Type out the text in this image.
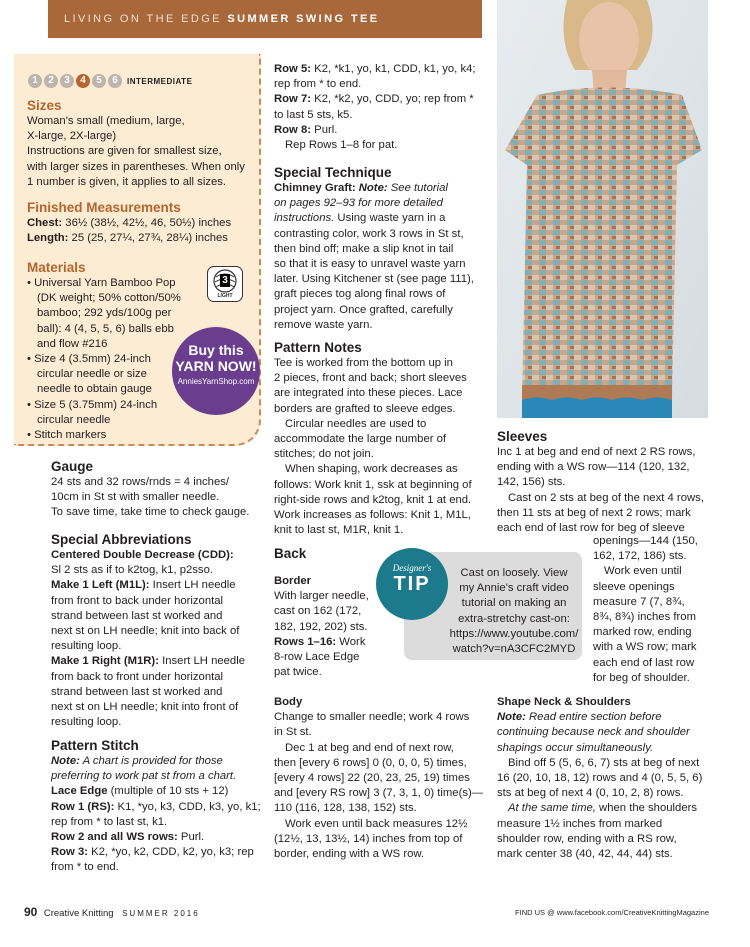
LIVING ON THE EDGE SUMMER SWING TEE
1	2	3	4	5	6	INTERMEDIATE
Sizes

Woman's small (medium, large,

X-large, 2X-large)

Instructions are given for smallest size,

with larger sizes in parentheses. When only

1 number is given, it applies to all sizes.

Finished Measurements

Chest: 36½ (38½, 42½, 46, 50½) inches

Length: 25 (25, 27¼, 27¾, 28¼) inches

Materials

• Universal Yarn Bamboo Pop

(DK weight; 50% cotton/50%

bamboo; 292 yds/100g per

ball): 4 (4, 5, 5, 6) balls ebb

and flow #216

• Size 4 (3.5mm) 24-inch

circular needle or size

needle to obtain gauge

• Size 5 (3.75mm) 24-inch

circular needle

• Stitch markers

3
LIGHT
Buy this
YARN NOW!
AnniesYarnShop.com
Gauge

24 sts and 32 rows/rnds = 4 inches/

10cm in St st with smaller needle.

To save time, take time to check gauge.

Special Abbreviations

Centered Double Decrease (CDD):

Sl 2 sts as if to k2tog, k1, p2sso.

Make 1 Left (M1L): Insert LH needle

from front to back under horizontal

strand between last st worked and

next st on LH needle; knit into back of

resulting loop.

Make 1 Right (M1R): Insert LH needle

from back to front under horizontal

strand between last st worked and

next st on LH needle; knit into front of

resulting loop.

Pattern Stitch

Note: A chart is provided for those

preferring to work pat st from a chart.

Lace Edge (multiple of 10 sts + 12)

Row 1 (RS): K1, *yo, k3, CDD, k3, yo, k1;

rep from * to last st, k1.

Row 2 and all WS rows: Purl.

Row 3: K2, *yo, k2, CDD, k2, yo, k3; rep

from * to end.

Row 5: K2, *k1, yo, k1, CDD, k1, yo, k4;

rep from * to end.

Row 7: K2, *k2, yo, CDD, yo; rep from *

to last 5 sts, k5.

Row 8: Purl.

Rep Rows 1–8 for pat.

Special Technique

Chimney Graft: Note: See tutorial

on pages 92–93 for more detailed

instructions. Using waste yarn in a

contrasting color, work 3 rows in St st,

then bind off; make a slip knot in tail

so that it is easy to unravel waste yarn

later. Using Kitchener st (see page 111),

graft pieces tog along final rows of

project yarn. Once grafted, carefully

remove waste yarn.

Pattern Notes

Tee is worked from the bottom up in

2 pieces, front and back; short sleeves

are integrated into these pieces. Lace

borders are grafted to sleeve edges.

Circular needles are used to

accommodate the large number of

stitches; do not join.

When shaping, work decreases as

follows: Work knit 1, ssk at beginning of

right-side rows and k2tog, knit 1 at end.

Work increases as follows: Knit 1, M1L,

knit to last st, M1R, knit 1.

Back

Border

With larger needle,

cast on 162 (172,

182, 192, 202) sts.

Rows 1–16: Work

8-row Lace Edge

pat twice.

Cast on loosely. View

my Annie's craft video

tutorial on making an

extra-stretchy cast-on:

https://www.youtube.com/

watch?v=nA3CFC2MYD

Designer's
TIP

Body

Change to smaller needle; work 4 rows

in St st.

Dec 1 at beg and end of next row,

then [every 6 rows] 0 (0, 0, 0, 5) times,

[every 4 rows] 22 (20, 23, 25, 19) times

and [every RS row] 3 (7, 3, 1, 0) time(s)—

110 (116, 128, 138, 152) sts.

Work even until back measures 12½

(12½, 13, 13½, 14) inches from top of

border, ending with a WS row.

Sleeves

Inc 1 at beg and end of next 2 RS rows,

ending with a WS row—114 (120, 132,

142, 156) sts.

Cast on 2 sts at beg of the next 4 rows,

then 11 sts at beg of next 2 rows; mark

each end of last row for beg of sleeve

openings—144 (150,

162, 172, 186) sts.

Work even until

sleeve openings

measure 7 (7, 8¾,

8¾, 8¾) inches from

marked row, ending

with a WS row; mark

each end of last row

for beg of shoulder.

Shape Neck & Shoulders

Note: Read entire section before

continuing because neck and shoulder

shapings occur simultaneously.

Bind off 5 (5, 6, 6, 7) sts at beg of next

16 (20, 10, 18, 12) rows and 4 (0, 5, 5, 6)

sts at beg of next 4 (0, 10, 2, 8) rows.

At the same time, when the shoulders

measure 1½ inches from marked

shoulder row, ending with a RS row,

mark center 38 (40, 42, 44, 44) sts.

90 Creative Knitting SUMMER 2016	FIND US @ www.facebook.com/CreativeKnittingMagazine
